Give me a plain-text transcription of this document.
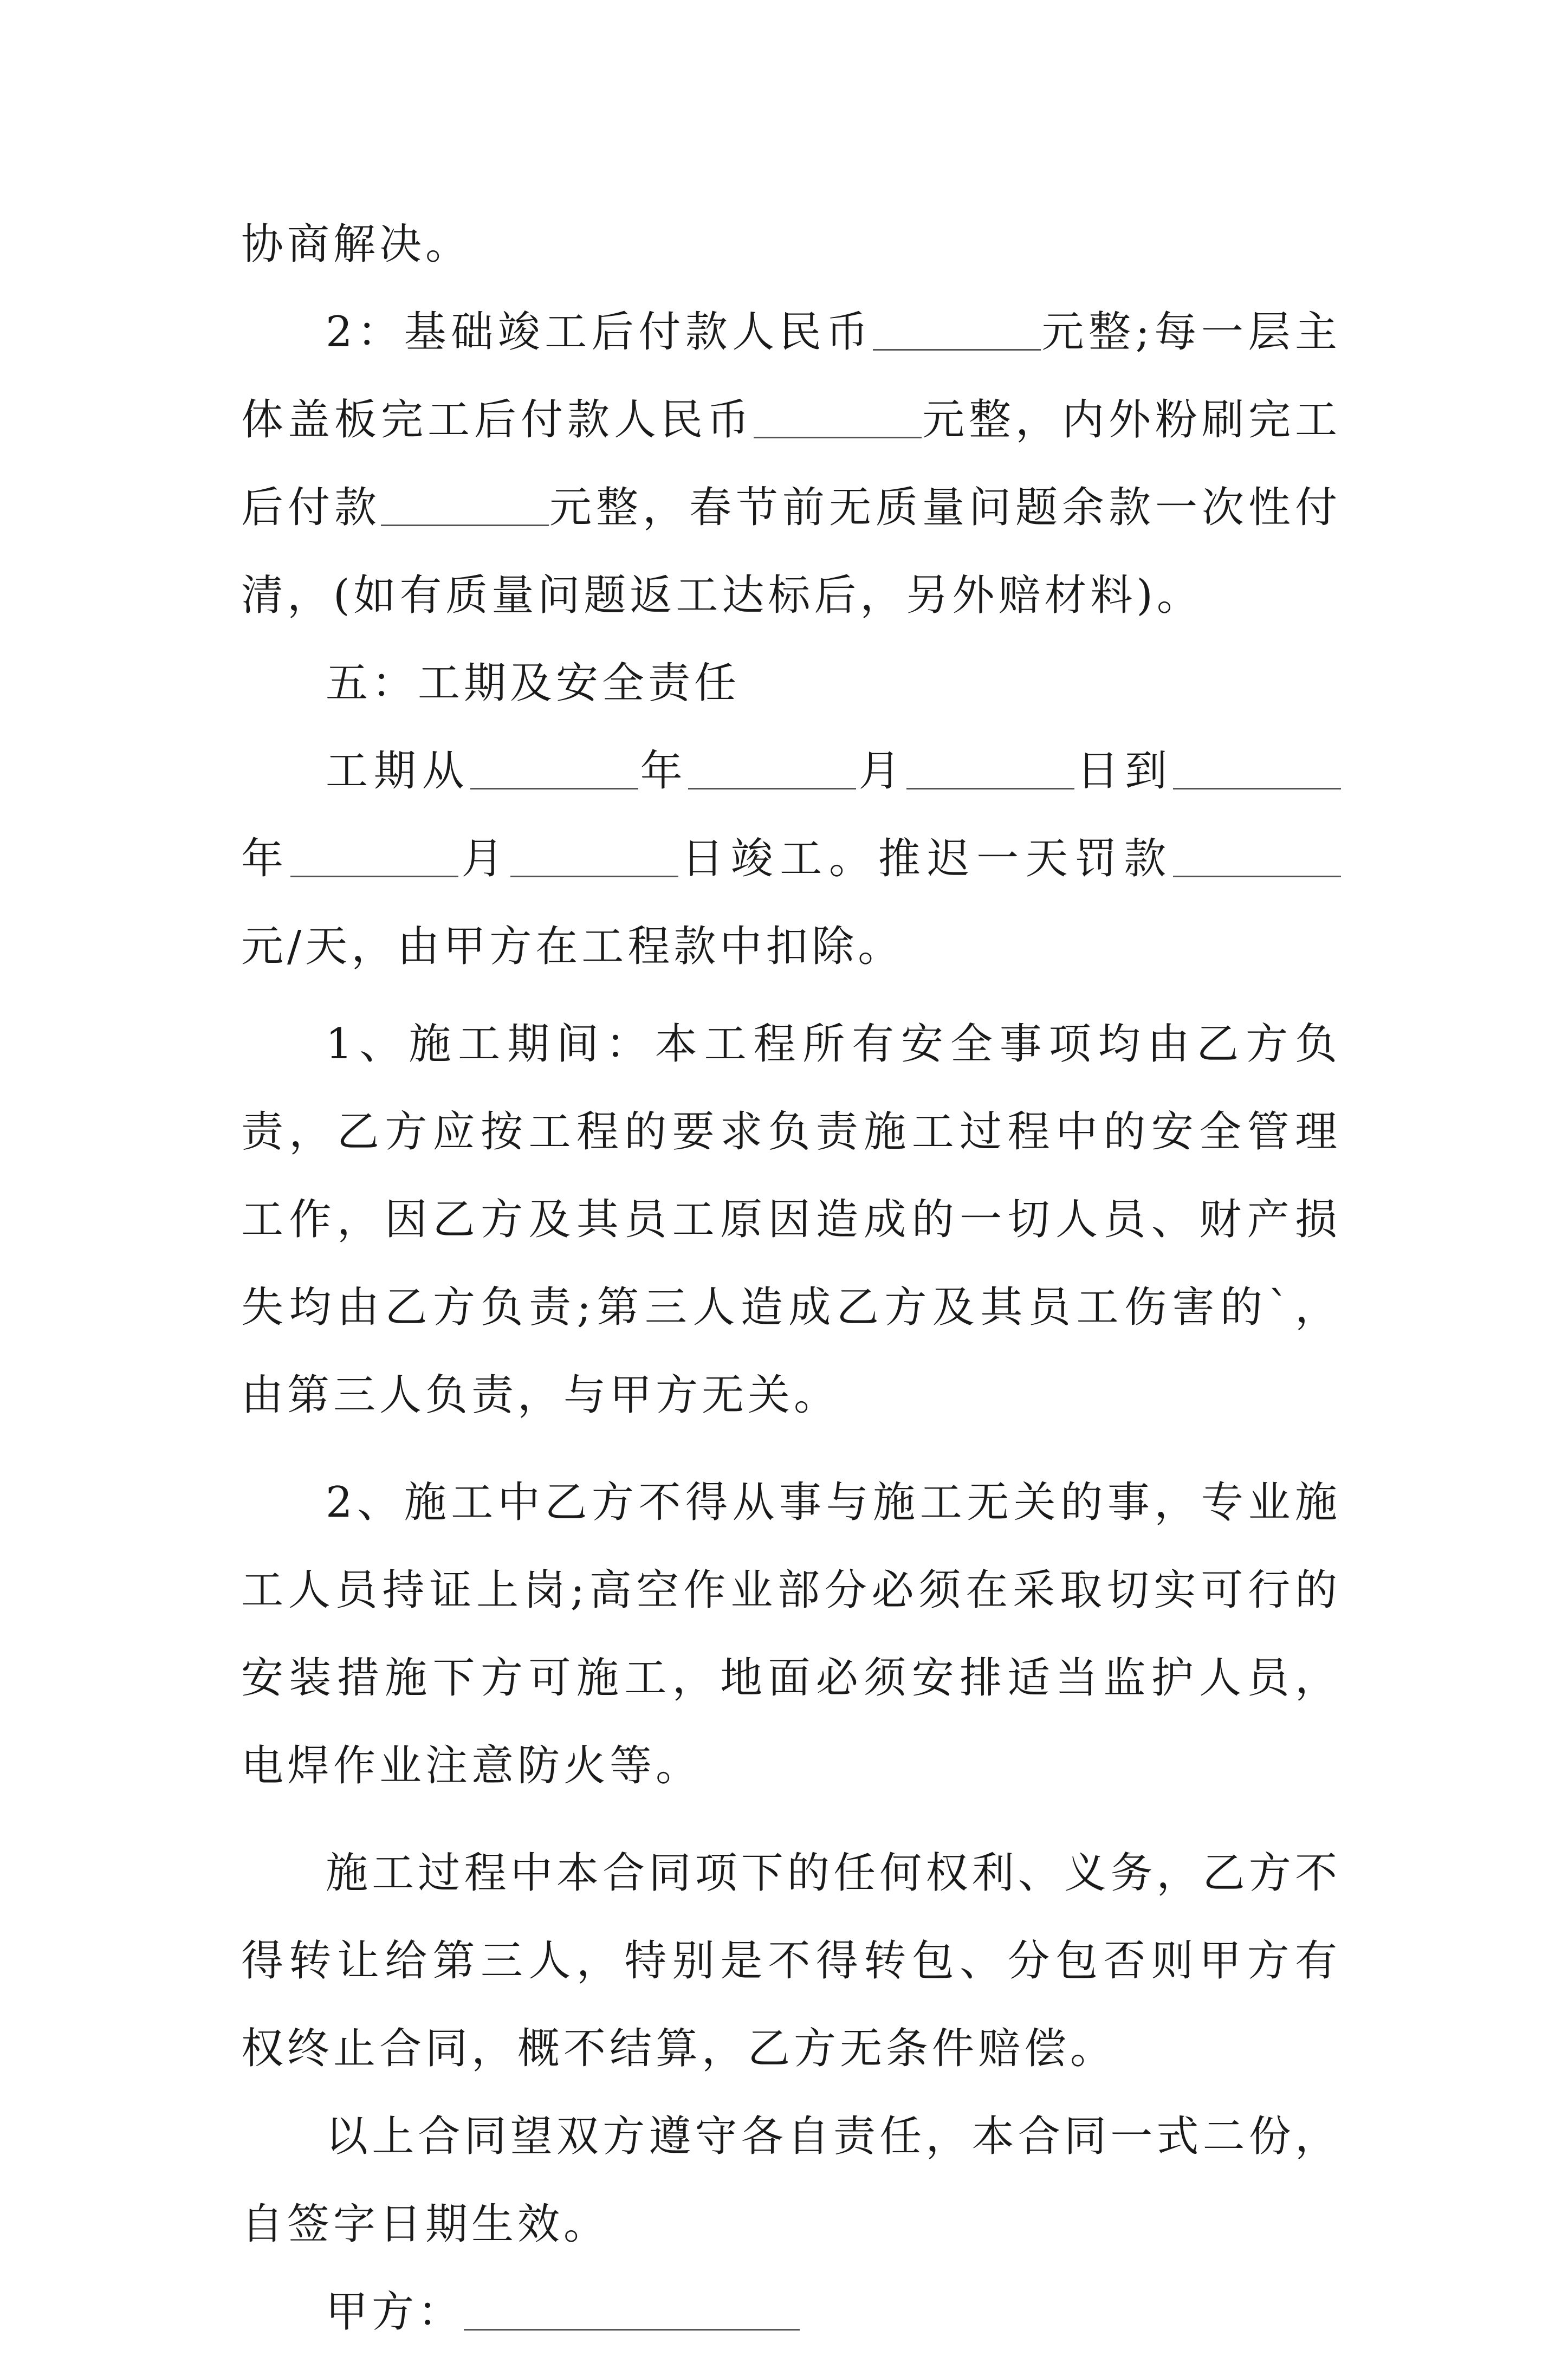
协商解决。

2：基础竣工后付款人民币	元整;每一层主体盖板完工后付款人民币	元整，内外粉刷完工后付款	元整，春节前无质量问题余款一次性付清，(如有质量问题返工达标后，另外赔材料)。

五：工期及安全责任

工期从	年	月	日到年	月	日竣工。推迟一天罚款元/天，由甲方在工程款中扣除。

1、施工期间：本工程所有安全事项均由乙方负责，乙方应按工程的要求负责施工过程中的安全管理工作，因乙方及其员工原因造成的一切人员、财产损失均由乙方负责;第三人造成乙方及其员工伤害的`，由第三人负责，与甲方无关。

2、施工中乙方不得从事与施工无关的事，专业施工人员持证上岗;高空作业部分必须在采取切实可行的安装措施下方可施工，地面必须安排适当监护人员，电焊作业注意防火等。

施工过程中本合同项下的任何权利、义务，乙方不得转让给第三人，特别是不得转包、分包否则甲方有权终止合同，概不结算，乙方无条件赔偿。

以上合同望双方遵守各自责任，本合同一式二份，自签字日期生效。

甲方：
